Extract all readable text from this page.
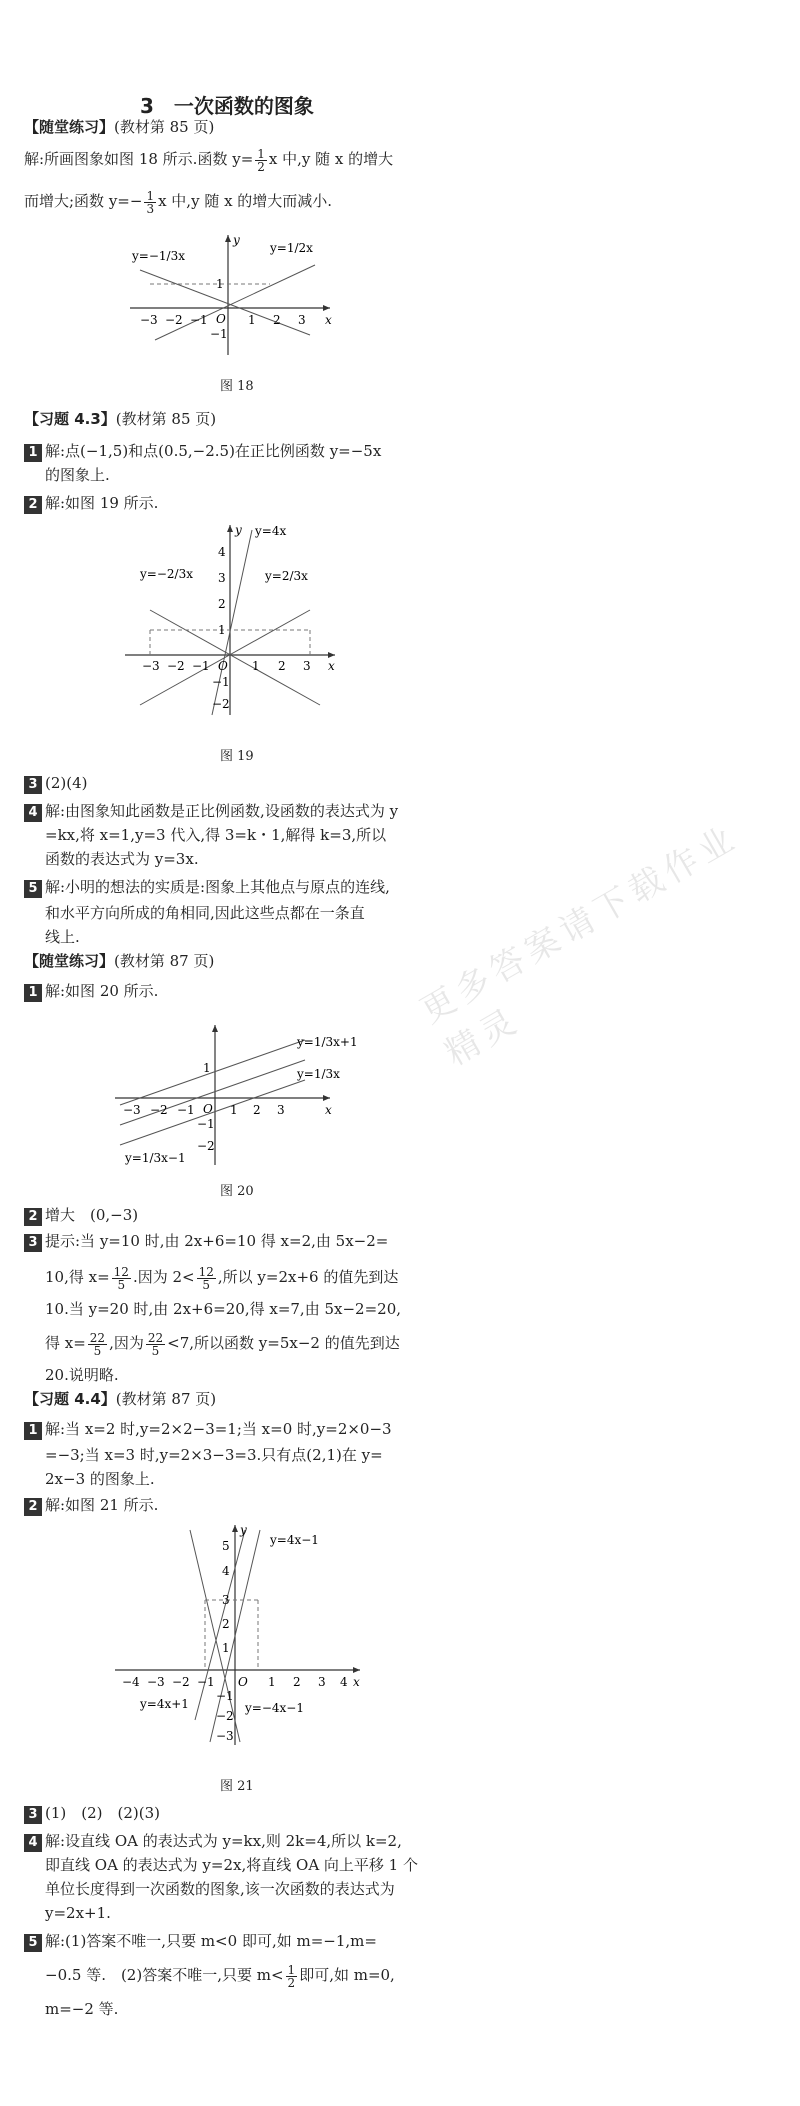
更多答案请下载作业精灵
3　一次函数的图象
【随堂练习】(教材第 85 页)
解:所画图象如图 18 所示.函数 $y= \frac{1}{2}$ x 中,y 随 x 的增大
而增大;函数 $y=- \frac{1}{3}$ x 中,y 随 x 的增大而减小.
y=−1/3x
y=1/2x
y
x
O
−3 −2 −1	1 2 3
1
−1
图 18
【习题 4.3】(教材第 85 页)
1 解:点(−1,5)和点(0.5,−2.5)在正比例函数 y=−5x
的图象上.
2 解:如图 19 所示.
y=4x
y=−2/3x	y=2/3x
y
x
O
−3 −2 −1	1 2 3
4
3
2
1
−1
−2
图 19
3 (2)(4)
4 解:由图象知此函数是正比例函数,设函数的表达式为 y
=kx,将 x=1,y=3 代入,得 3=k・1,解得 k=3,所以
函数的表达式为 y=3x.
5 解:小明的想法的实质是:图象上其他点与原点的连线,
和水平方向所成的角相同,因此这些点都在一条直
线上.
【随堂练习】(教材第 87 页)
1 解:如图 20 所示.
y=1/3x+1
y=1/3x
y=1/3x−1
x
O
−3 −2 −1	1 2 3
1
−1
−2
图 20
2 增大　(0,−3)
3 提示:当 y=10 时,由 2x+6=10 得 x=2,由 5x−2=
10,得 $x= \frac{12}{5}$ .因为 $2< \frac{12}{5}$ ,所以 y=2x+6 的值先到达
10.当 y=20 时,由 2x+6=20,得 x=7,由 5x−2=20,
得 $x= \frac{22}{5}$ ,因为 $\frac{22}{5} <7$,所以函数 y=5x−2 的值先到达
20.说明略.
【习题 4.4】(教材第 87 页)
1 解:当 x=2 时,y=2×2−3=1;当 x=0 时,y=2×0−3
=−3;当 x=3 时,y=2×3−3=3.只有点(2,1)在 y=
2x−3 的图象上.
2 解:如图 21 所示.
y=4x−1
y=4x+1	y=−4x−1
y
x
O
−4 −3 −2 −1	1 2 3 4
5
4
3
2
1
−1
−2
−3
图 21
3 (1)　(2)　(2)(3)
4 解:设直线 OA 的表达式为 y=kx,则 2k=4,所以 k=2,
即直线 OA 的表达式为 y=2x,将直线 OA 向上平移 1 个
单位长度得到一次函数的图象,该一次函数的表达式为
y=2x+1.
5 解:(1)答案不唯一,只要 m<0 即可,如 m=−1,m=
−0.5 等.　(2)答案不唯一,只要 $m< \frac{1}{2}$ 即可,如 m=0,
m=−2 等.
